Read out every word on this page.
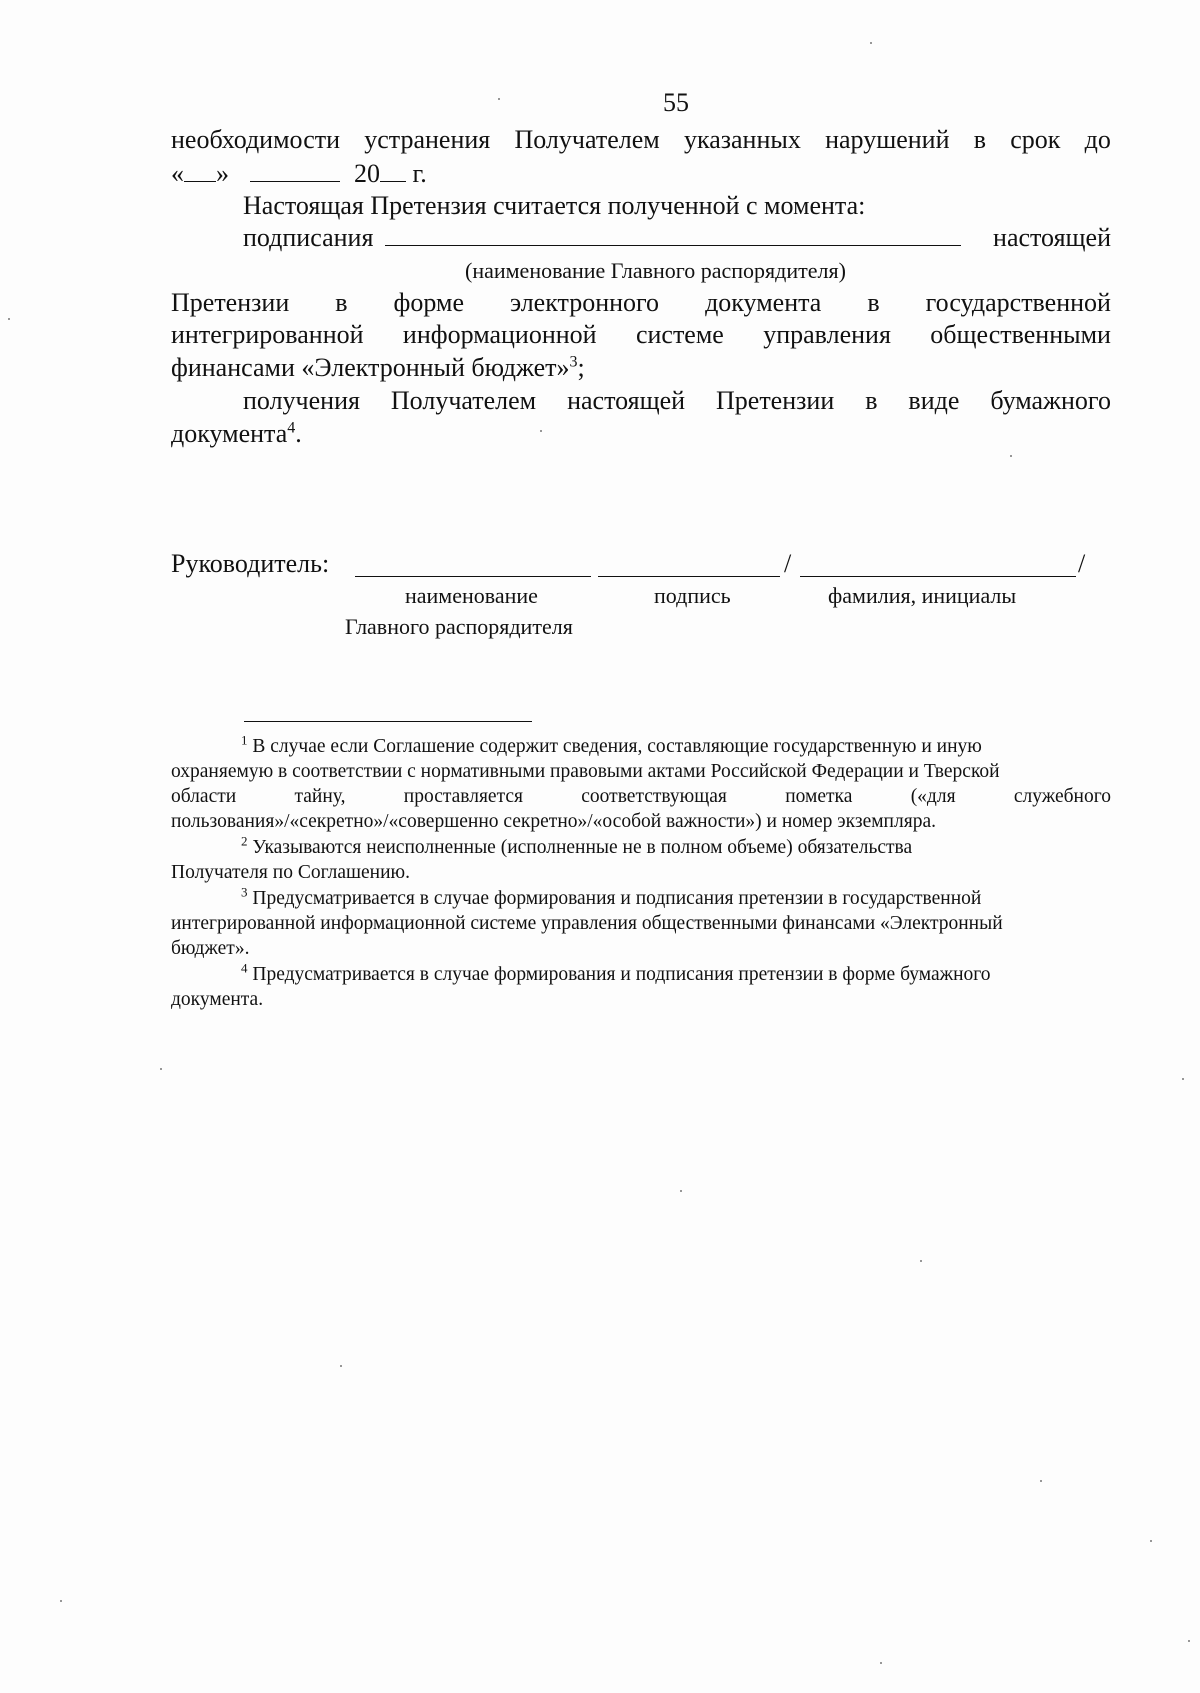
55
необходимости устранения Получателем указанных нарушений в срок до
« »	20 г.
Настоящая Претензия считается полученной с момента:
подписания	настоящей
(наименование Главного распорядителя)
Претензии в форме электронного документа в государственной
интегрированной информационной системе управления общественными
финансами «Электронный бюджет»$^3$;
получения Получателем настоящей Претензии в виде бумажного
документа$^4$.
Руководитель:	/	/
наименование
Главного распорядителя
подпись	фамилия, инициалы
$^1$ В случае если Соглашение содержит сведения, составляющие государственную и иную
охраняемую в соответствии с нормативными правовыми актами Российской Федерации и Тверской
области	тайну,	проставляется	соответствующая	пометка	(«для	служебного
пользования»/«секретно»/«совершенно секретно»/«особой важности») и номер экземпляра.
$^2$ Указываются неисполненные (исполненные не в полном объеме) обязательства
Получателя по Соглашению.
$^3$ Предусматривается в случае формирования и подписания претензии в государственной
интегрированной информационной системе управления общественными финансами «Электронный
бюджет».
$^4$ Предусматривается в случае формирования и подписания претензии в форме бумажного
документа.
